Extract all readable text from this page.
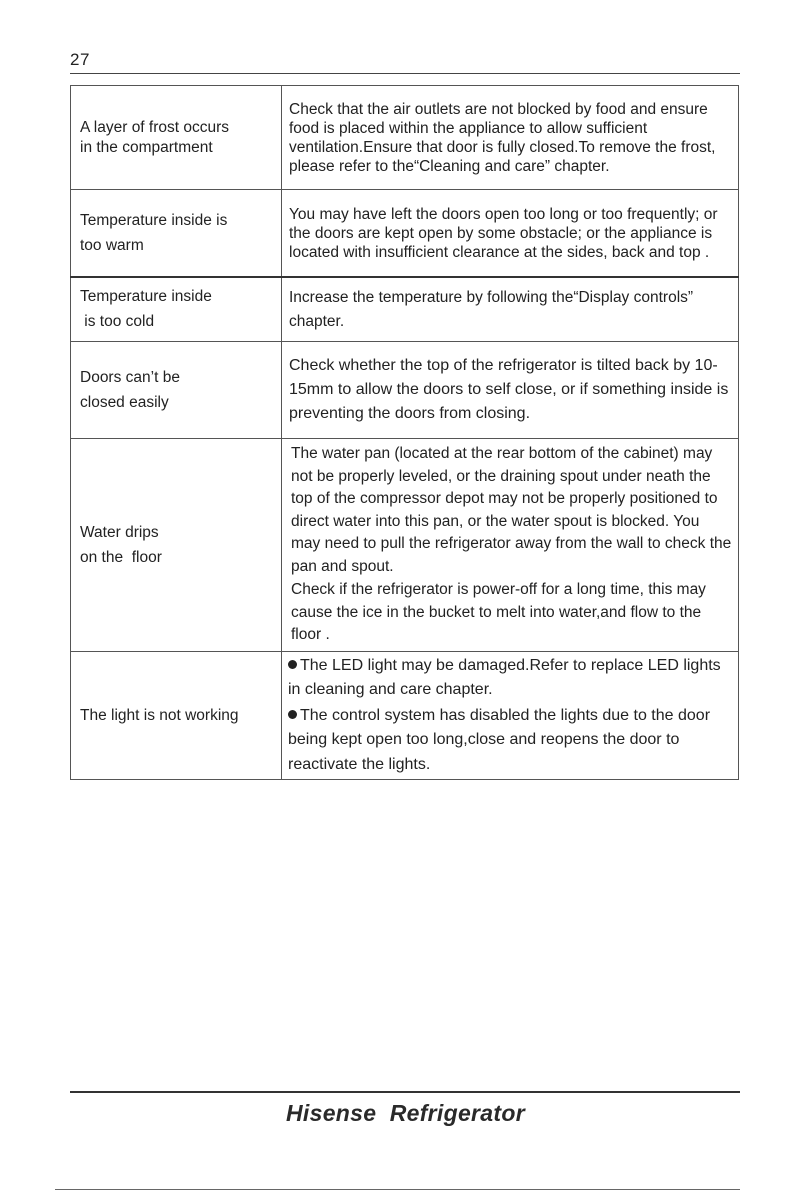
27
A layer of frost occurs
in the compartment	Check that the air outlets are not blocked by food and ensure food is placed within the appliance to allow sufficient ventilation.Ensure that door is fully closed.To remove the frost, please refer to the“Cleaning and care” chapter.

Temperature inside is
too warm	You may have left the doors open too long or too frequently; or the doors are kept open by some obstacle; or the appliance is located with insufficient clearance at the sides, back and top .

Temperature inside
is too cold	Increase the temperature by following the“Display controls” chapter.

Doors can’t be
closed easily	Check whether the top of the refrigerator is tilted back by 10-15mm to allow the doors to self close, or if something inside is preventing the doors from closing.

Water drips
on the  floor	The water pan (located at the rear bottom of the cabinet) may not be properly leveled, or the draining spout under neath the top of the compressor depot may not be properly positioned to direct water into this pan, or the water spout is blocked. You may need to pull the refrigerator away from the wall to check the pan and spout.
Check if the refrigerator is power-off for a long time, this may cause the ice in the bucket to melt into water,and flow to the floor .

The light is not working	The LED light may be damaged.Refer to replace LED lights in cleaning and care chapter.
The control system has disabled the lights due to the door being kept open too long,close and reopens the door to reactivate the lights.
Hisense  Refrigerator
